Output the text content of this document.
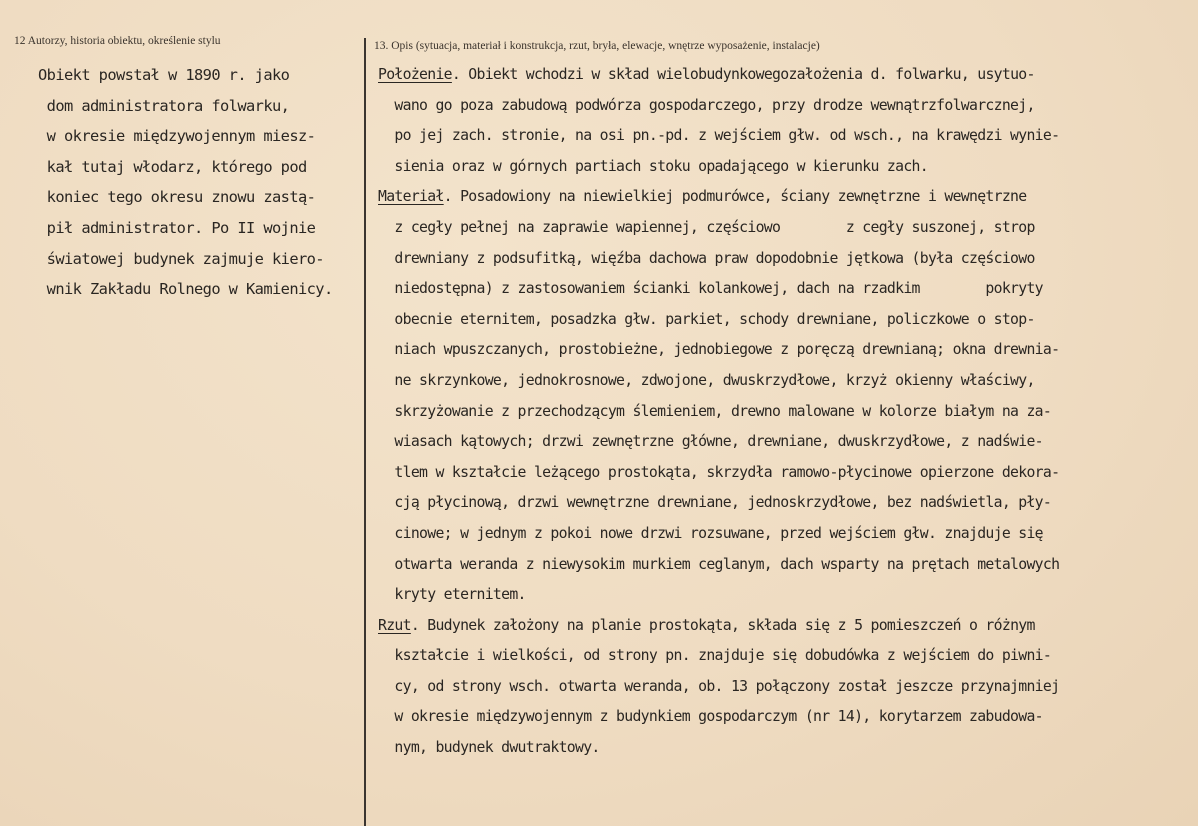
12 Autorzy, historia obiektu, określenie stylu	13. Opis (sytuacja, materiał i konstrukcja, rzut, bryła, elewacje, wnętrze wyposażenie, instalacje)
Obiekt powstał w 1890 r. jako
dom administratora folwarku,
w okresie międzywojennym miesz-
kał tutaj włodarz, którego pod
koniec tego okresu znowu zastą-
pił administrator. Po II wojnie
światowej budynek zajmuje kiero-
wnik Zakładu Rolnego w Kamienicy.
Położenie. Obiekt wchodzi w skład wielobudynkowegozałożenia d. folwarku, usytuo-
wano go poza zabudową podwórza gospodarczego, przy drodze wewnątrzfolwarcznej,
po jej zach. stronie, na osi pn.-pd. z wejściem głw. od wsch., na krawędzi wynie-
sienia oraz w górnych partiach stoku opadającego w kierunku zach.
Materiał. Posadowiony na niewielkiej podmurówce, ściany zewnętrzne i wewnętrzne
z cegły pełnej na zaprawie wapiennej, częściowo        z cegły suszonej, strop
drewniany z podsufitką, więźba dachowa praw dopodobnie jętkowa (była częściowo
niedostępna) z zastosowaniem ścianki kolankowej, dach na rzadkim        pokryty
obecnie eternitem, posadzka głw. parkiet, schody drewniane, policzkowe o stop-
niach wpuszczanych, prostobieżne, jednobiegowe z poręczą drewnianą; okna drewnia-
ne skrzynkowe, jednokrosnowe, zdwojone, dwuskrzydłowe, krzyż okienny właściwy,
skrzyżowanie z przechodzącym ślemieniem, drewno malowane w kolorze białym na za-
wiasach kątowych; drzwi zewnętrzne główne, drewniane, dwuskrzydłowe, z nadświe-
tlem w kształcie leżącego prostokąta, skrzydła ramowo-płycinowe opierzone dekora-
cją płycinową, drzwi wewnętrzne drewniane, jednoskrzydłowe, bez nadświetla, pły-
cinowe; w jednym z pokoi nowe drzwi rozsuwane, przed wejściem głw. znajduje się
otwarta weranda z niewysokim murkiem ceglanym, dach wsparty na prętach metalowych
kryty eternitem.
Rzut. Budynek założony na planie prostokąta, składa się z 5 pomieszczeń o różnym
kształcie i wielkości, od strony pn. znajduje się dobudówka z wejściem do piwni-
cy, od strony wsch. otwarta weranda, ob. 13 połączony został jeszcze przynajmniej
w okresie międzywojennym z budynkiem gospodarczym (nr 14), korytarzem zabudowa-
nym, budynek dwutraktowy.
